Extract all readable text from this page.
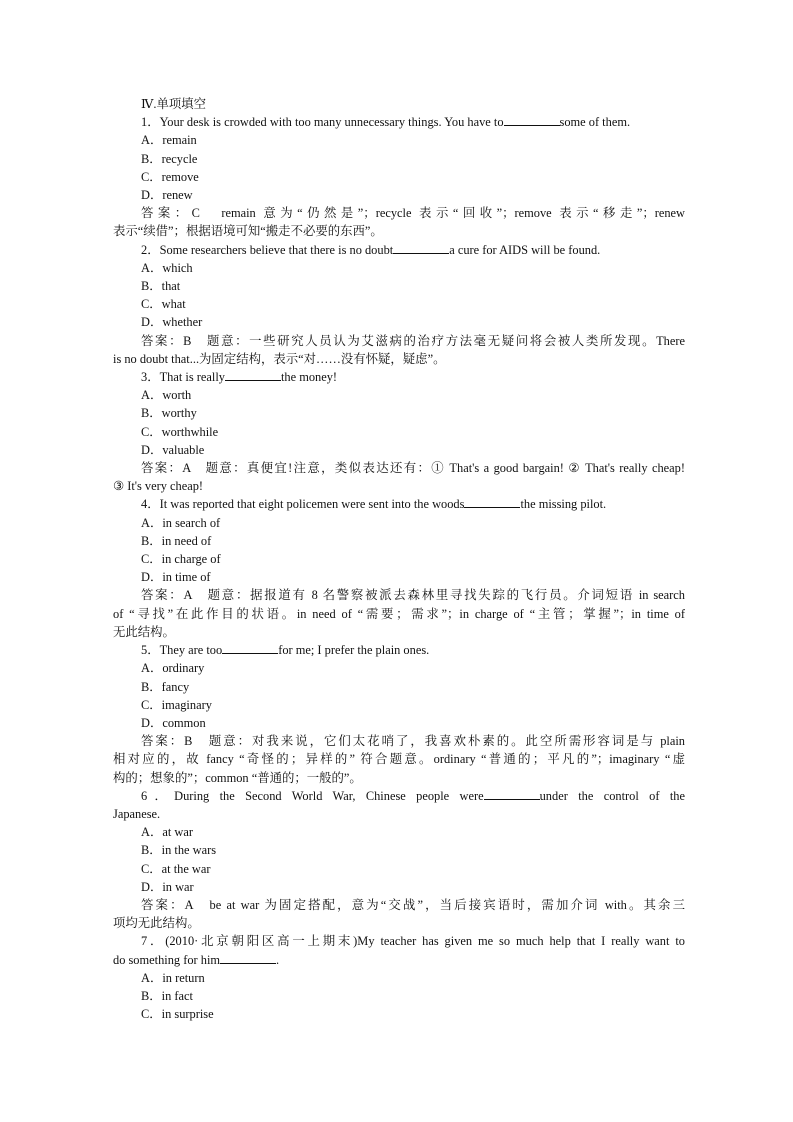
Ⅳ.单项填空
1．Your desk is crowded with too many unnecessary things. You have to	some of them.
A．remain
B．recycle
C．remove
D．renew
答案：C　remain 意为“仍然是”；recycle 表示“回收”；remove 表示“移走”；renew
表示“续借”；根据语境可知“搬走不必要的东西”。
2．Some researchers believe that there is no doubt	a cure for AIDS will be found.
A．which
B．that
C．what
D．whether
答案：B　题意：一些研究人员认为艾滋病的治疗方法毫无疑问将会被人类所发现。There
is no doubt that...为固定结构，表示“对……没有怀疑，疑虑”。
3．That is really	the money!
A．worth
B．worthy
C．worthwhile
D．valuable
答案：A　题意：真便宜!注意，类似表达还有：① That's a good bargain! ② That's really cheap!
③ It's very cheap!
4．It was reported that eight policemen were sent into the woods	the missing pilot.
A．in search of
B．in need of
C．in charge of
D．in time of
答案：A　题意：据报道有 8 名警察被派去森林里寻找失踪的飞行员。介词短语 in search
of “寻找”在此作目的状语。in need of “需要；需求”；in charge of “主管；掌握”；in time of
无此结构。
5．They are too	for me; I prefer the plain ones.
A．ordinary
B．fancy
C．imaginary
D．common
答案：B　题意：对我来说，它们太花哨了，我喜欢朴素的。此空所需形容词是与 plain
相对应的，故 fancy “奇怪的；异样的” 符合题意。ordinary “普通的；平凡的”；imaginary “虚
构的；想象的”；common “普通的；一般的”。
6．During the Second World War, Chinese people were	under the control of the
Japanese.
A．at war
B．in the wars
C．at the war
D．in war
答案：A　be at war 为固定搭配，意为“交战”，当后接宾语时，需加介词 with。其余三
项均无此结构。
7．(2010·北京朝阳区高一上期末)My teacher has given me so much help that I really want to
do something for him	.
A．in return
B．in fact
C．in surprise
